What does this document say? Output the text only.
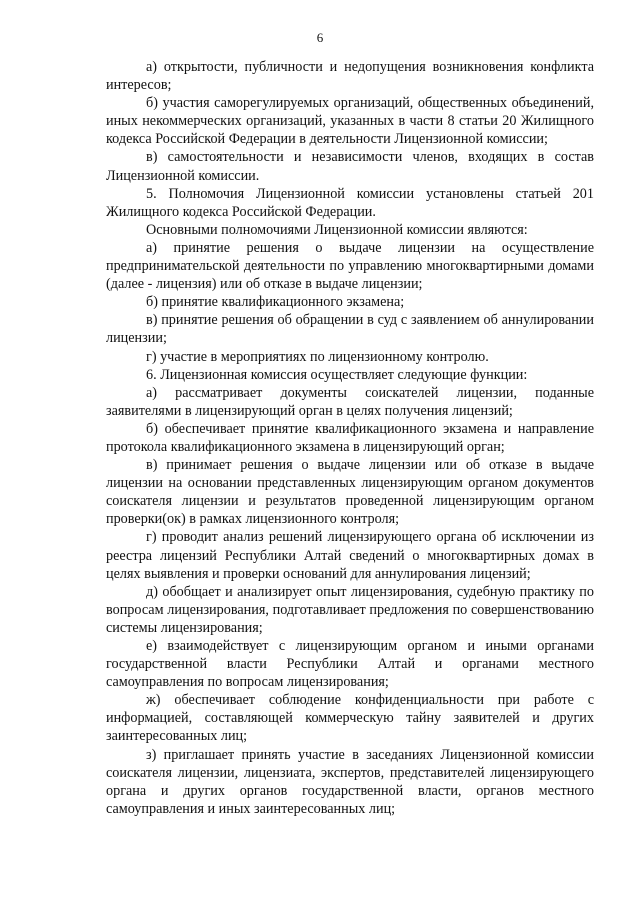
6

а) открытости, публичности и недопущения возникновения конфликта интересов;

б) участия саморегулируемых организаций, общественных объединений, иных некоммерческих организаций, указанных в части 8 статьи 20 Жилищного кодекса Российской Федерации в деятельности Лицензионной комиссии;

в) самостоятельности и независимости членов, входящих в состав Лицензионной комиссии.

5. Полномочия Лицензионной комиссии установлены статьей 201 Жилищного кодекса Российской Федерации.

Основными полномочиями Лицензионной комиссии являются:

а) принятие решения о выдаче лицензии на осуществление предпринимательской деятельности по управлению многоквартирными домами (далее - лицензия) или об отказе в выдаче лицензии;

б) принятие квалификационного экзамена;

в) принятие решения об обращении в суд с заявлением об аннулировании лицензии;

г) участие в мероприятиях по лицензионному контролю.

6. Лицензионная комиссия осуществляет следующие функции:

а) рассматривает документы соискателей лицензии, поданные заявителями в лицензирующий орган в целях получения лицензий;

б) обеспечивает принятие квалификационного экзамена и направление протокола квалификационного экзамена в лицензирующий орган;

в) принимает решения о выдаче лицензии или об отказе в выдаче лицензии на основании представленных лицензирующим органом документов соискателя лицензии и результатов проведенной лицензирующим органом проверки(ок) в рамках лицензионного контроля;

г) проводит анализ решений лицензирующего органа об исключении из реестра лицензий Республики Алтай сведений о многоквартирных домах в целях выявления и проверки оснований для аннулирования лицензий;

д) обобщает и анализирует опыт лицензирования, судебную практику по вопросам лицензирования, подготавливает предложения по совершенствованию системы лицензирования;

е) взаимодействует с лицензирующим органом и иными органами государственной власти Республики Алтай и органами местного самоуправления по вопросам лицензирования;

ж) обеспечивает соблюдение конфиденциальности при работе с информацией, составляющей коммерческую тайну заявителей и других заинтересованных лиц;

з) приглашает принять участие в заседаниях Лицензионной комиссии соискателя лицензии, лицензиата, экспертов, представителей лицензирующего органа и других органов государственной власти, органов местного самоуправления и иных заинтересованных лиц;
